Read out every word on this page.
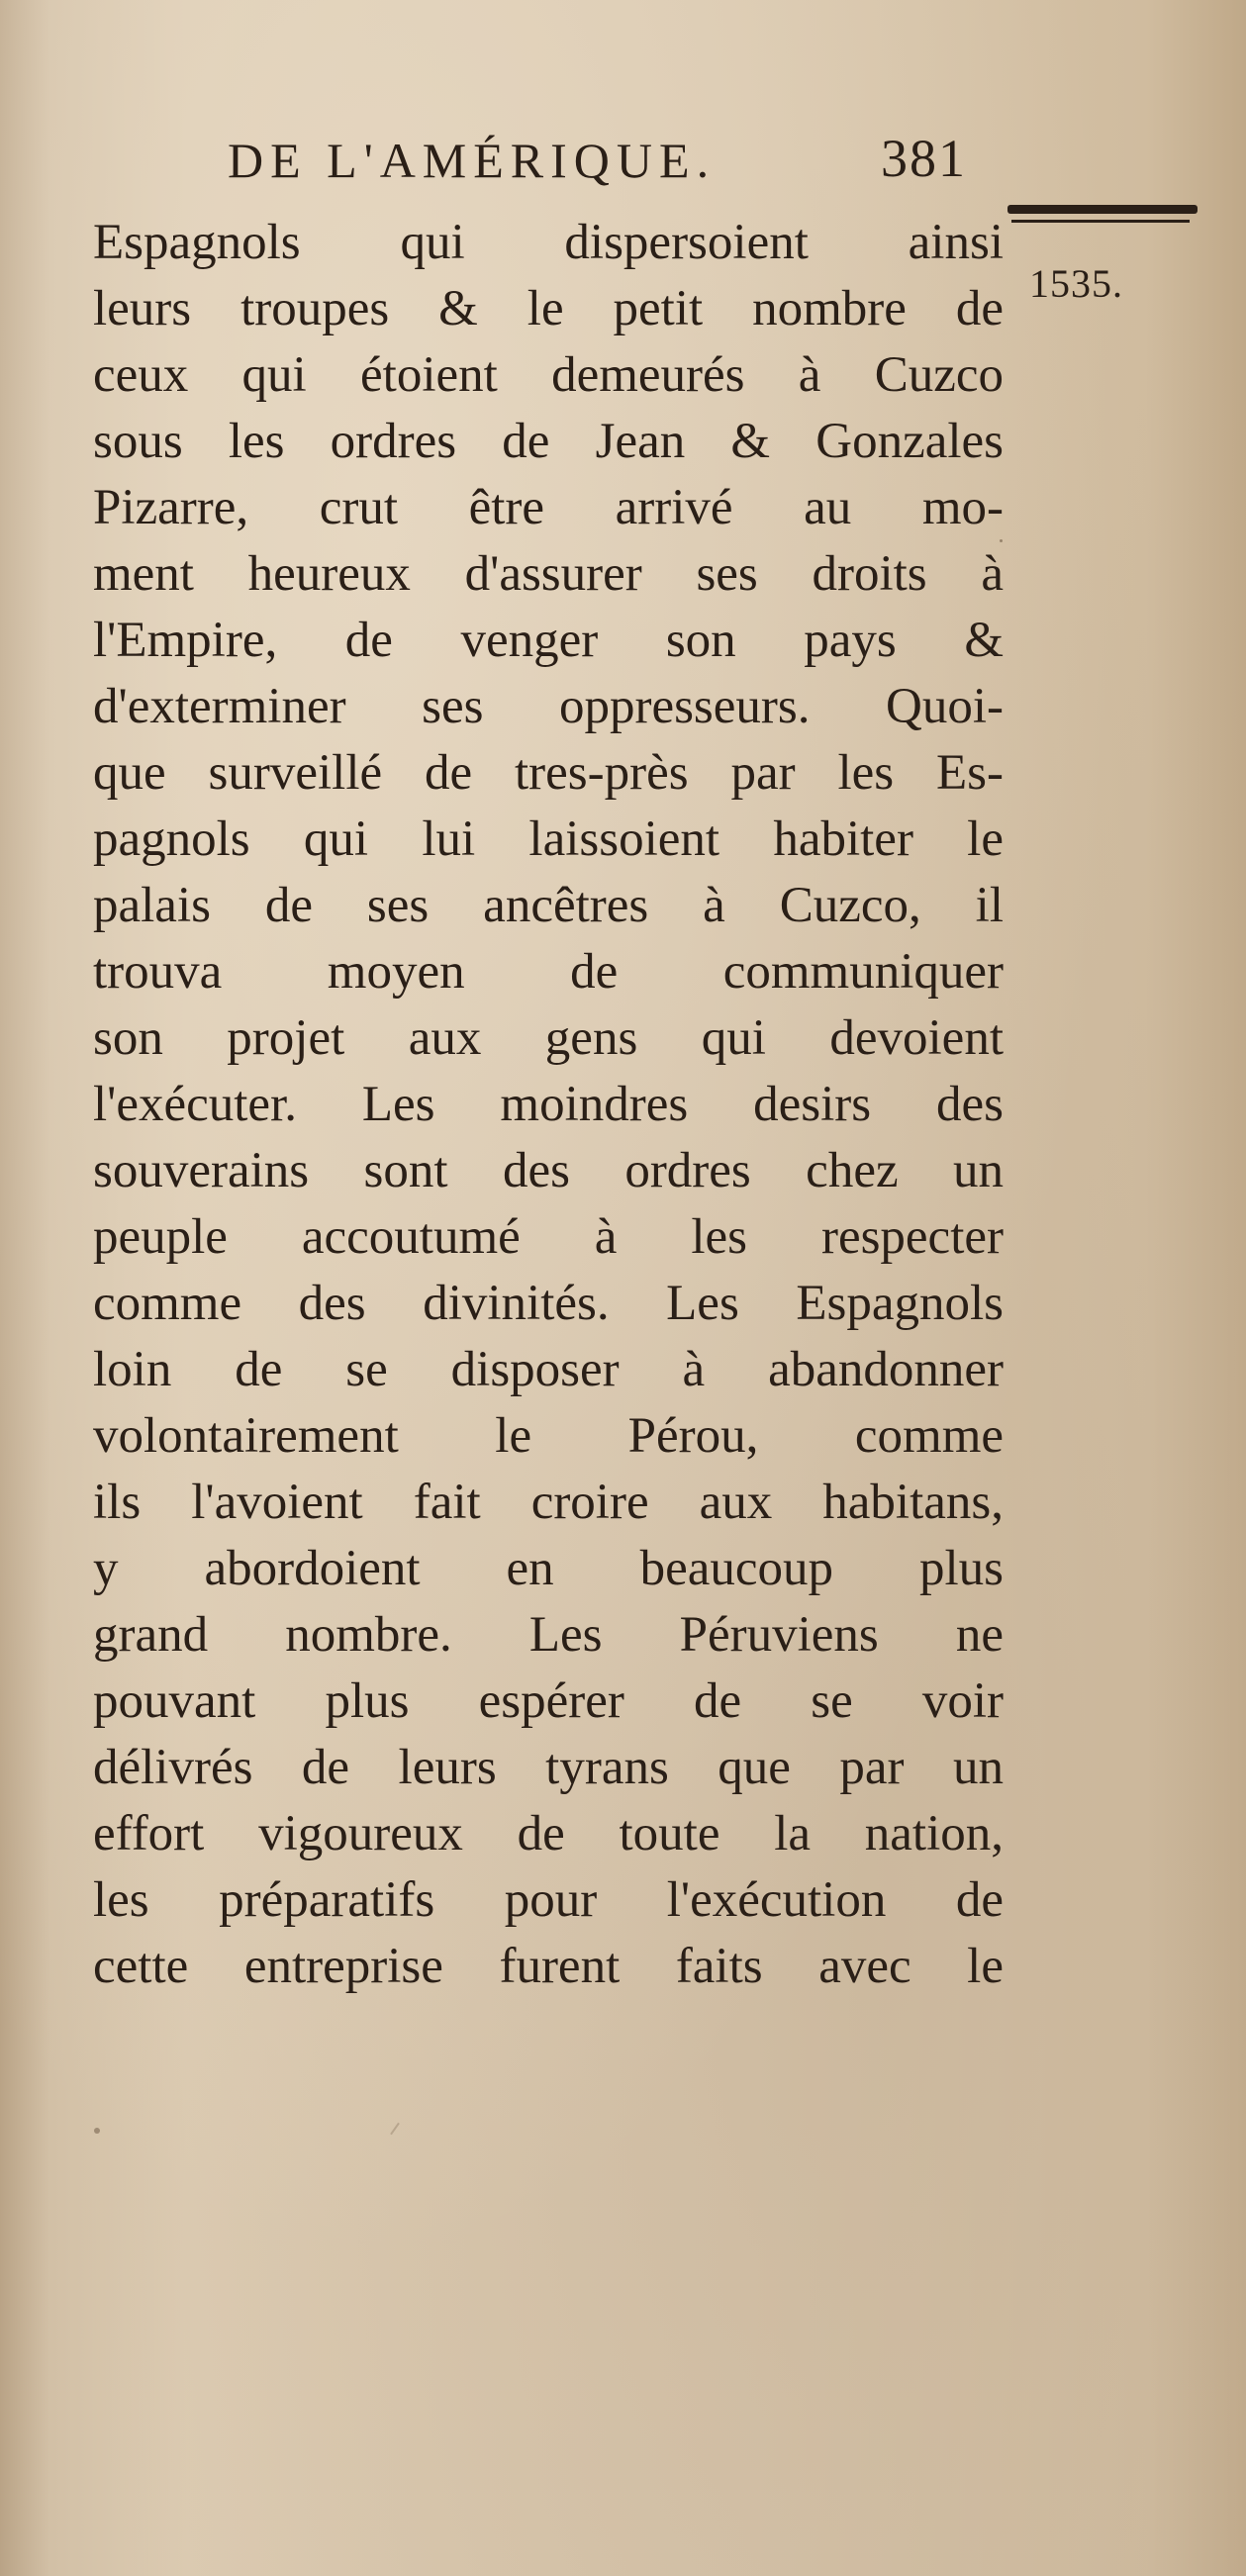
DE L'AMÉRIQUE.	381
1535.
Espagnols qui dispersoient ainsi
leurs troupes & le petit nombre de
ceux qui étoient demeurés à Cuzco
sous les ordres de Jean & Gonzales
Pizarre, crut être arrivé au mo-
ment heureux d'assurer ses droits à
l'Empire, de venger son pays &
d'exterminer ses oppresseurs. Quoi-
que surveillé de tres-près par les Es-
pagnols qui lui laissoient habiter le
palais de ses ancêtres à Cuzco, il
trouva moyen de communiquer
son projet aux gens qui devoient
l'exécuter. Les moindres desirs des
souverains sont des ordres chez un
peuple accoutumé à les respecter
comme des divinités. Les Espagnols
loin de se disposer à abandonner
volontairement le Pérou, comme
ils l'avoient fait croire aux habitans,
y abordoient en beaucoup plus
grand nombre. Les Péruviens ne
pouvant plus espérer de se voir
délivrés de leurs tyrans que par un
effort vigoureux de toute la nation,
les préparatifs pour l'exécution de
cette entreprise furent faits avec le
